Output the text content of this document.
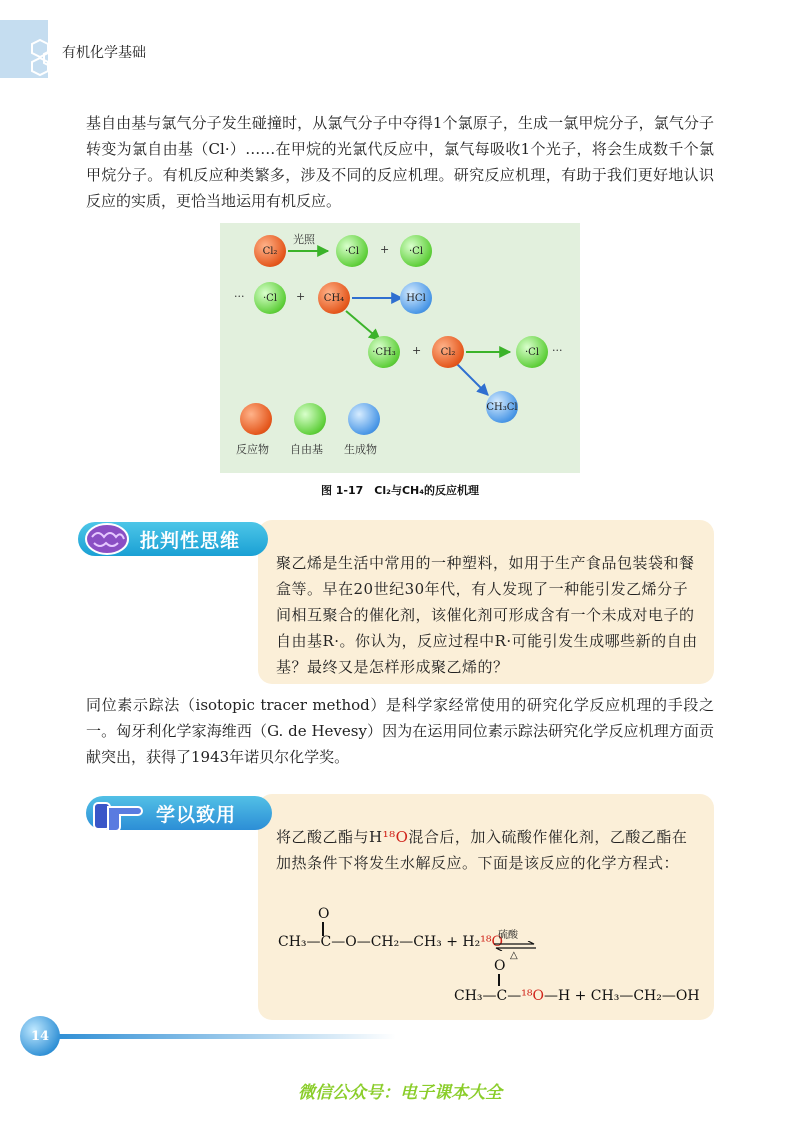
有机化学基础
基自由基与氯气分子发生碰撞时，从氯气分子中夺得1个氯原子，生成一氯甲烷分子，氯气分子转变为氯自由基（Cl·）……在甲烷的光氯代反应中，氯气每吸收1个光子，将会生成数千个氯甲烷分子。有机反应种类繁多，涉及不同的反应机理。研究反应机理，有助于我们更好地认识反应的实质，更恰当地运用有机反应。
光照
Cl₂	·Cl	+	·Cl
···	·Cl	+	CH₄	HCl
·CH₃	+	Cl₂	·Cl	···
CH₃Cl
反应物 自由基 生成物
图 1-17　Cl₂与CH₄的反应机理
聚乙烯是生活中常用的一种塑料，如用于生产食品包装袋和餐盒等。早在20世纪30年代，有人发现了一种能引发乙烯分子间相互聚合的催化剂，该催化剂可形成含有一个未成对电子的自由基R·。你认为，反应过程中R·可能引发生成哪些新的自由基？最终又是怎样形成聚乙烯的？
批判性思维
同位素示踪法（isotopic tracer method）是科学家经常使用的研究化学反应机理的手段之一。匈牙利化学家海维西（G. de Hevesy）因为在运用同位素示踪法研究化学反应机理方面贡献突出，获得了1943年诺贝尔化学奖。
将乙酸乙酯与H¹⁸O混合后，加入硫酸作催化剂，乙酸乙酯在加热条件下将发生水解反应。下面是该反应的化学方程式：
O
CH₃—C—O—CH₂—CH₃ + H₂¹⁸O
硫酸
△
O
CH₃—C—¹⁸O—H + CH₃—CH₂—OH
学以致用
14
微信公众号：电子课本大全
